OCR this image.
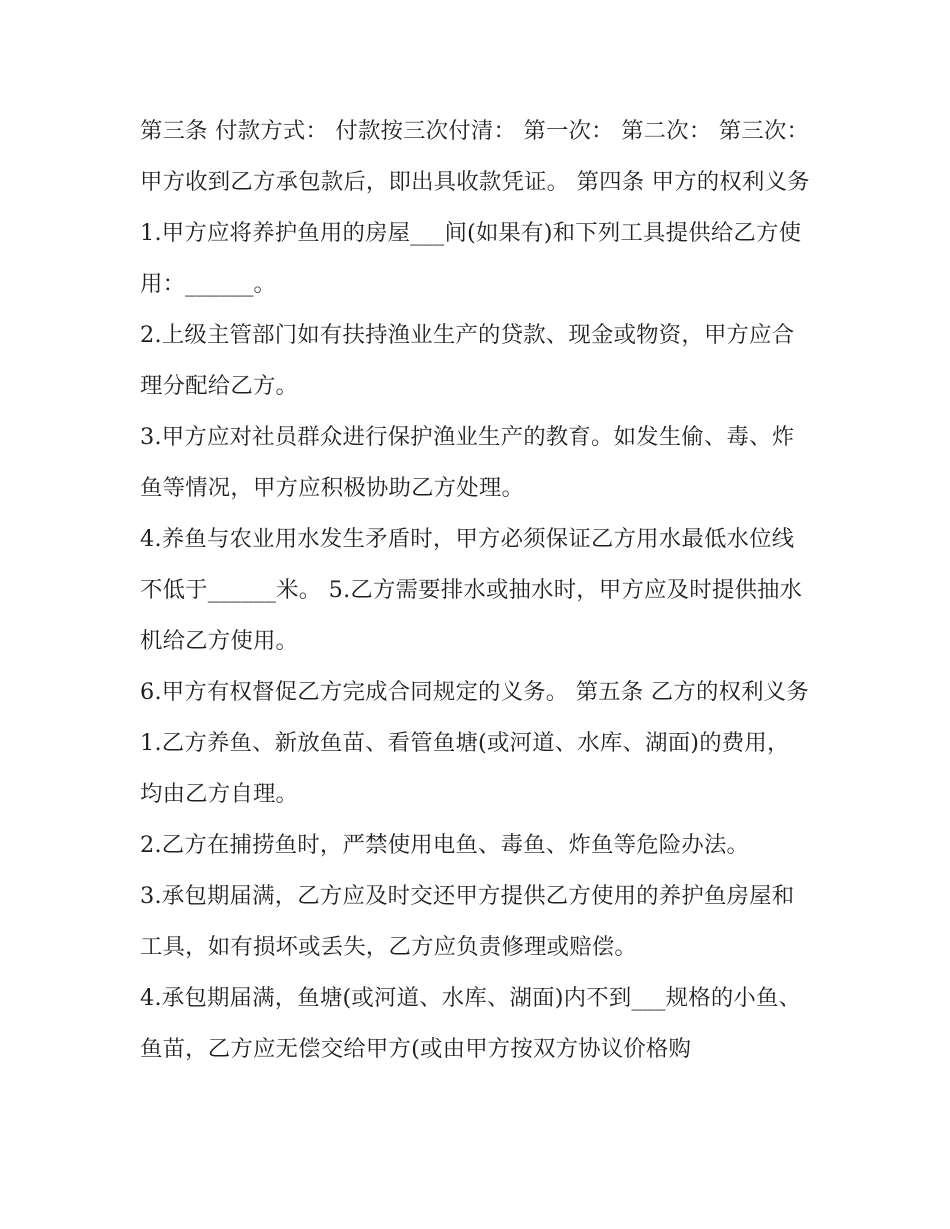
第三条 付款方式： 付款按三次付清： 第一次： 第二次： 第三次： 甲方收到乙方承包款后，即出具收款凭证。 第四条 甲方的权利义务

1.甲方应将养护鱼用的房屋___间(如果有)和下列工具提供给乙方使用：______。

2.上级主管部门如有扶持渔业生产的贷款、现金或物资，甲方应合理分配给乙方。

3.甲方应对社员群众进行保护渔业生产的教育。如发生偷、毒、炸鱼等情况，甲方应积极协助乙方处理。

4.养鱼与农业用水发生矛盾时，甲方必须保证乙方用水最低水位线不低于______米。 5.乙方需要排水或抽水时，甲方应及时提供抽水机给乙方使用。

6.甲方有权督促乙方完成合同规定的义务。 第五条 乙方的权利义务 1.乙方养鱼、新放鱼苗、看管鱼塘(或河道、水库、湖面)的费用，均由乙方自理。

2.乙方在捕捞鱼时，严禁使用电鱼、毒鱼、炸鱼等危险办法。

3.承包期届满，乙方应及时交还甲方提供乙方使用的养护鱼房屋和工具，如有损坏或丢失，乙方应负责修理或赔偿。

4.承包期届满，鱼塘(或河道、水库、湖面)内不到___规格的小鱼、鱼苗，乙方应无偿交给甲方(或由甲方按双方协议价格购
